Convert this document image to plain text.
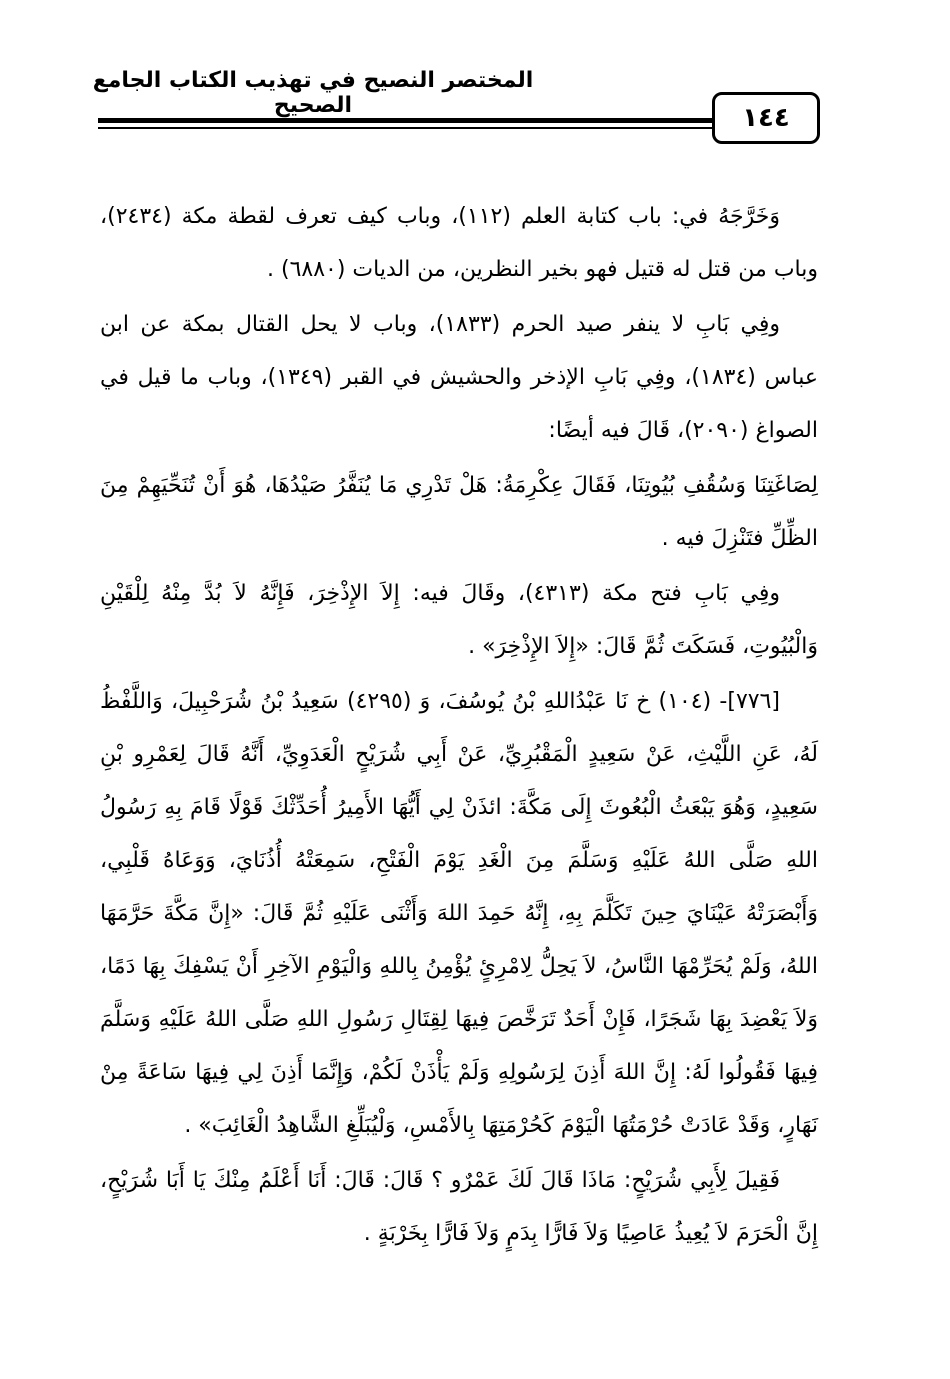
المختصر النصيح في تهذيب الكتاب الجامع الصحيح	١٤٤

وَخَرَّجَهُ في: باب كتابة العلم (١١٢)، وباب كيف تعرف لقطة مكة (٢٤٣٤)، وباب من قتل له قتيل فهو بخير النظرين، من الديات (٦٨٨٠) .

وفِي بَابِ لا ينفر صيد الحرم (١٨٣٣)، وباب لا يحل القتال بمكة عن ابن عباس (١٨٣٤)، وفِي بَابِ الإذخر والحشيش في القبر (١٣٤٩)، وباب ما قيل في الصواغ (٢٠٩٠)، قَالَ فيه أيضًا:

لِصَاغَتِنَا وَسُقُفِ بُيُوتِنَا، فَقَالَ عِكْرِمَةُ: هَلْ تَدْرِي مَا يُنَفَّرُ صَيْدُهَا، هُوَ أَنْ تُنَحِّيَهِمْ مِنَ الظِّلِّ فتَنْزِلَ فيه .

وفِي بَابِ فتح مكة (٤٣١٣)، وقَالَ فيه: إِلاَ الإِذْخِرَ، فَإِنَّهُ لاَ بُدَّ مِنْهُ لِلْقَيْنِ وَالْبُيُوتِ، فَسَكَتَ ثُمَّ قَالَ: «إِلاَ الإِذْخِرَ» .

[٧٧٦]- (١٠٤) خ نَا عَبْدُاللهِ بْنُ يُوسُفَ، وَ (٤٢٩٥) سَعِيدُ بْنُ شُرَحْبِيلَ، وَاللَّفْظُ لَهُ، عَنِ اللَّيْثِ، عَنْ سَعِيدٍ الْمَقْبُرِيِّ، عَنْ أَبِي شُرَيْحٍ الْعَدَوِيِّ، أَنَّهُ قَالَ لِعَمْرِو بْنِ سَعِيدٍ، وَهُوَ يَبْعَثُ الْبُعُوثَ إِلَى مَكَّةَ: ائذَنْ لِي أَيُّهَا الأَمِيرُ أُحَدِّثْكَ قَوْلًا قَامَ بِهِ رَسُولُ اللهِ صَلَّى اللهُ عَلَيْهِ وَسَلَّمَ مِنَ الْغَدِ يَوْمَ الْفَتْحِ، سَمِعَتْهُ أُذُنَايَ، وَوَعَاهُ قَلْبِي، وَأَبْصَرَتْهُ عَيْنَايَ حِينَ تَكَلَّمَ بِهِ، إِنَّهُ حَمِدَ اللهَ وَأَثْنَى عَلَيْهِ ثُمَّ قَالَ: «إِنَّ مَكَّةَ حَرَّمَهَا اللهُ، وَلَمْ يُحَرِّمْهَا النَّاسُ، لاَ يَحِلُّ لِامْرِئٍ يُؤْمِنُ بِاللهِ وَالْيَوْمِ الآخِرِ أَنْ يَسْفِكَ بِهَا دَمًا، وَلاَ يَعْضِدَ بِهَا شَجَرًا، فَإِنْ أَحَدٌ تَرَخَّصَ فِيهَا لِقِتَالِ رَسُولِ اللهِ صَلَّى اللهُ عَلَيْهِ وَسَلَّمَ فِيهَا فَقُولُوا لَهُ: إِنَّ اللهَ أَذِنَ لِرَسُولِهِ وَلَمْ يَأْذَنْ لَكُمْ، وَإِنَّمَا أَذِنَ لِي فِيهَا سَاعَةً مِنْ نَهَارٍ، وَقَدْ عَادَتْ حُرْمَتُهَا الْيَوْمَ كَحُرْمَتِهَا بِالأَمْسِ، وَلْيُبَلِّغِ الشَّاهِدُ الْغَائِبَ» .

فَقِيلَ لِأَبِي شُرَيْحٍ: مَاذَا قَالَ لَكَ عَمْرٌو ؟ قَالَ: قَالَ: أَنَا أَعْلَمُ مِنْكَ يَا أَبَا شُرَيْحٍ، إِنَّ الْحَرَمَ لاَ يُعِيذُ عَاصِيًا وَلاَ فَارًّا بِدَمٍ وَلاَ فَارًّا بِخَرْبَةٍ .
